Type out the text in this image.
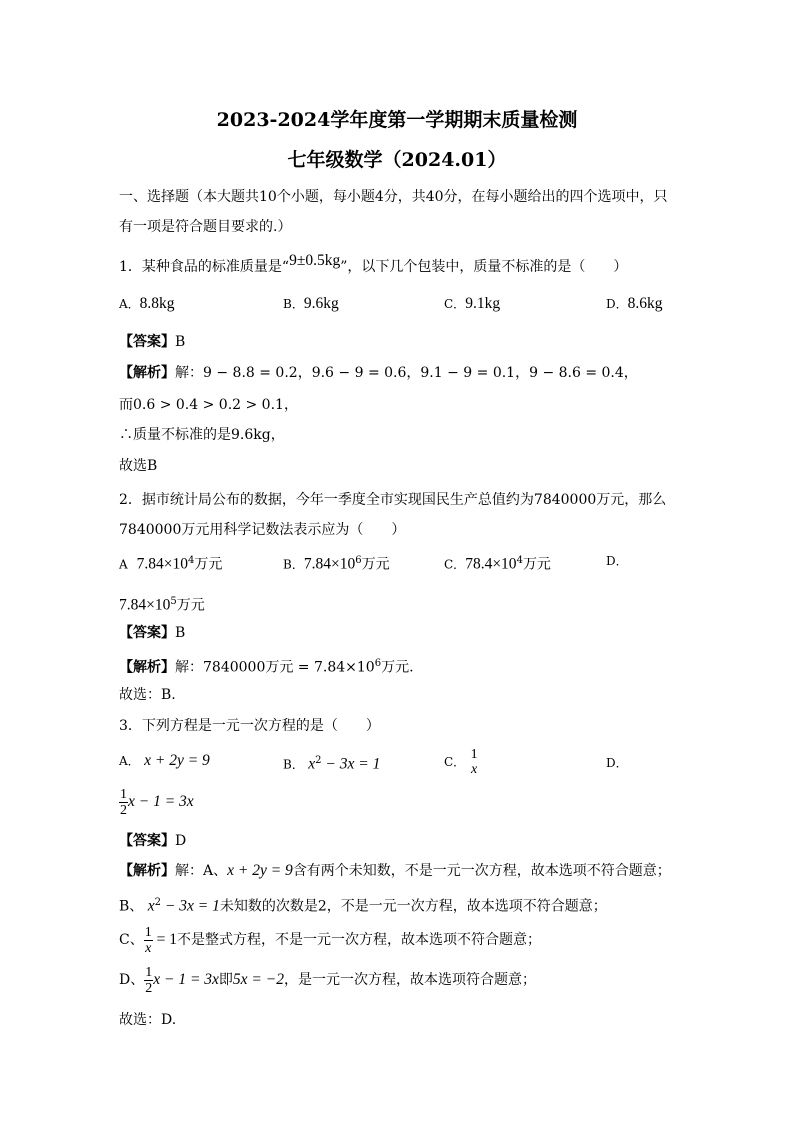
2023-2024学年度第一学期期末质量检测
七年级数学（2024.01）
一、选择题（本大题共10个小题，每小题4分，共40分，在每小题给出的四个选项中，只
有一项是符合题目要求的.）
1．某种食品的标准质量是“9±0.5kg”，以下几个包装中，质量不标准的是（　　）
A．8.8kg	B．9.6kg	C．9.1kg	D．8.6kg
【答案】B
【解析】解：9 − 8.8 = 0.2，9.6 − 9 = 0.6，9.1 − 9 = 0.1，9 − 8.6 = 0.4，
而0.6 > 0.4 > 0.2 > 0.1，
∴质量不标准的是9.6kg，
故选B
2．据市统计局公布的数据，今年一季度全市实现国民生产总值约为7840000万元，那么
7840000万元用科学记数法表示应为（　　）
A $7.84\times 10^4$万元	B．$7.84\times 10^6$万元	C．$78.4\times 10^4$万元	D．
$7.84\times 10^5$万元
【答案】B
【解析】解：7840000万元 = $7.84\times 10^6$万元.
故选：B.
3．下列方程是一元一次方程的是（　　）
A． x + 2y = 9	B． $x^2 - 3x = 1$	C． 1
x	D．
$\frac{1}{2}$ x − 1 = 3x
【答案】D
【解析】解：A、x + 2y = 9含有两个未知数，不是一元一次方程，故本选项不符合题意；
B、 $x^2 - 3x = 1$未知数的次数是2，不是一元一次方程，故本选项不符合题意；
C、 $\frac{1}{x} = 1$不是整式方程，不是一元一次方程，故本选项不符合题意；
D、 $\frac{1}{2}$ x − 1 = 3x即5x = −2，是一元一次方程，故本选项符合题意；
故选：D.
